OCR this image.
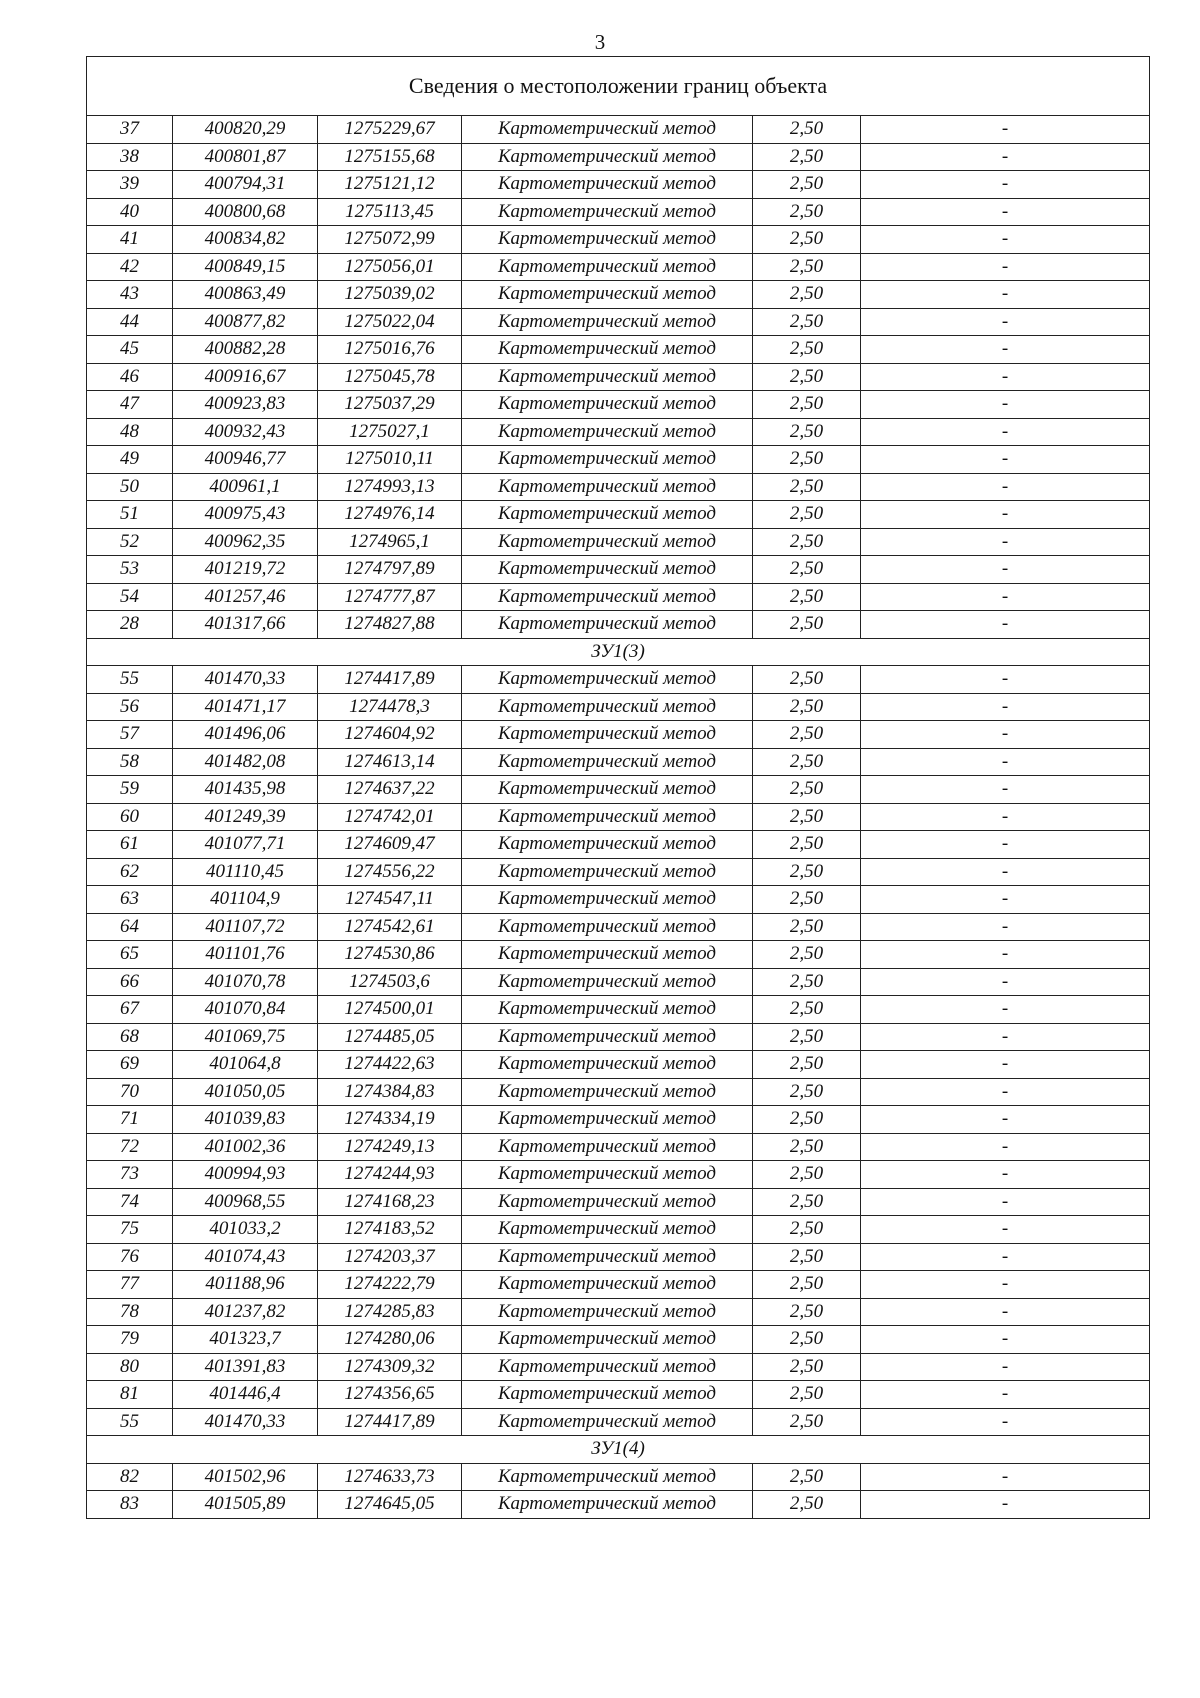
3
Сведения о местоположении границ объекта					
37	400820,29	1275229,67	Картометрический метод	2,50	-
38	400801,87	1275155,68	Картометрический метод	2,50	-
39	400794,31	1275121,12	Картометрический метод	2,50	-
40	400800,68	1275113,45	Картометрический метод	2,50	-
41	400834,82	1275072,99	Картометрический метод	2,50	-
42	400849,15	1275056,01	Картометрический метод	2,50	-
43	400863,49	1275039,02	Картометрический метод	2,50	-
44	400877,82	1275022,04	Картометрический метод	2,50	-
45	400882,28	1275016,76	Картометрический метод	2,50	-
46	400916,67	1275045,78	Картометрический метод	2,50	-
47	400923,83	1275037,29	Картометрический метод	2,50	-
48	400932,43	1275027,1	Картометрический метод	2,50	-
49	400946,77	1275010,11	Картометрический метод	2,50	-
50	400961,1	1274993,13	Картометрический метод	2,50	-
51	400975,43	1274976,14	Картометрический метод	2,50	-
52	400962,35	1274965,1	Картометрический метод	2,50	-
53	401219,72	1274797,89	Картометрический метод	2,50	-
54	401257,46	1274777,87	Картометрический метод	2,50	-
28	401317,66	1274827,88	Картометрический метод	2,50	-
ЗУ1(3)					
55	401470,33	1274417,89	Картометрический метод	2,50	-
56	401471,17	1274478,3	Картометрический метод	2,50	-
57	401496,06	1274604,92	Картометрический метод	2,50	-
58	401482,08	1274613,14	Картометрический метод	2,50	-
59	401435,98	1274637,22	Картометрический метод	2,50	-
60	401249,39	1274742,01	Картометрический метод	2,50	-
61	401077,71	1274609,47	Картометрический метод	2,50	-
62	401110,45	1274556,22	Картометрический метод	2,50	-
63	401104,9	1274547,11	Картометрический метод	2,50	-
64	401107,72	1274542,61	Картометрический метод	2,50	-
65	401101,76	1274530,86	Картометрический метод	2,50	-
66	401070,78	1274503,6	Картометрический метод	2,50	-
67	401070,84	1274500,01	Картометрический метод	2,50	-
68	401069,75	1274485,05	Картометрический метод	2,50	-
69	401064,8	1274422,63	Картометрический метод	2,50	-
70	401050,05	1274384,83	Картометрический метод	2,50	-
71	401039,83	1274334,19	Картометрический метод	2,50	-
72	401002,36	1274249,13	Картометрический метод	2,50	-
73	400994,93	1274244,93	Картометрический метод	2,50	-
74	400968,55	1274168,23	Картометрический метод	2,50	-
75	401033,2	1274183,52	Картометрический метод	2,50	-
76	401074,43	1274203,37	Картометрический метод	2,50	-
77	401188,96	1274222,79	Картометрический метод	2,50	-
78	401237,82	1274285,83	Картометрический метод	2,50	-
79	401323,7	1274280,06	Картометрический метод	2,50	-
80	401391,83	1274309,32	Картометрический метод	2,50	-
81	401446,4	1274356,65	Картометрический метод	2,50	-
55	401470,33	1274417,89	Картометрический метод	2,50	-
ЗУ1(4)					
82	401502,96	1274633,73	Картометрический метод	2,50	-
83	401505,89	1274645,05	Картометрический метод	2,50	-
